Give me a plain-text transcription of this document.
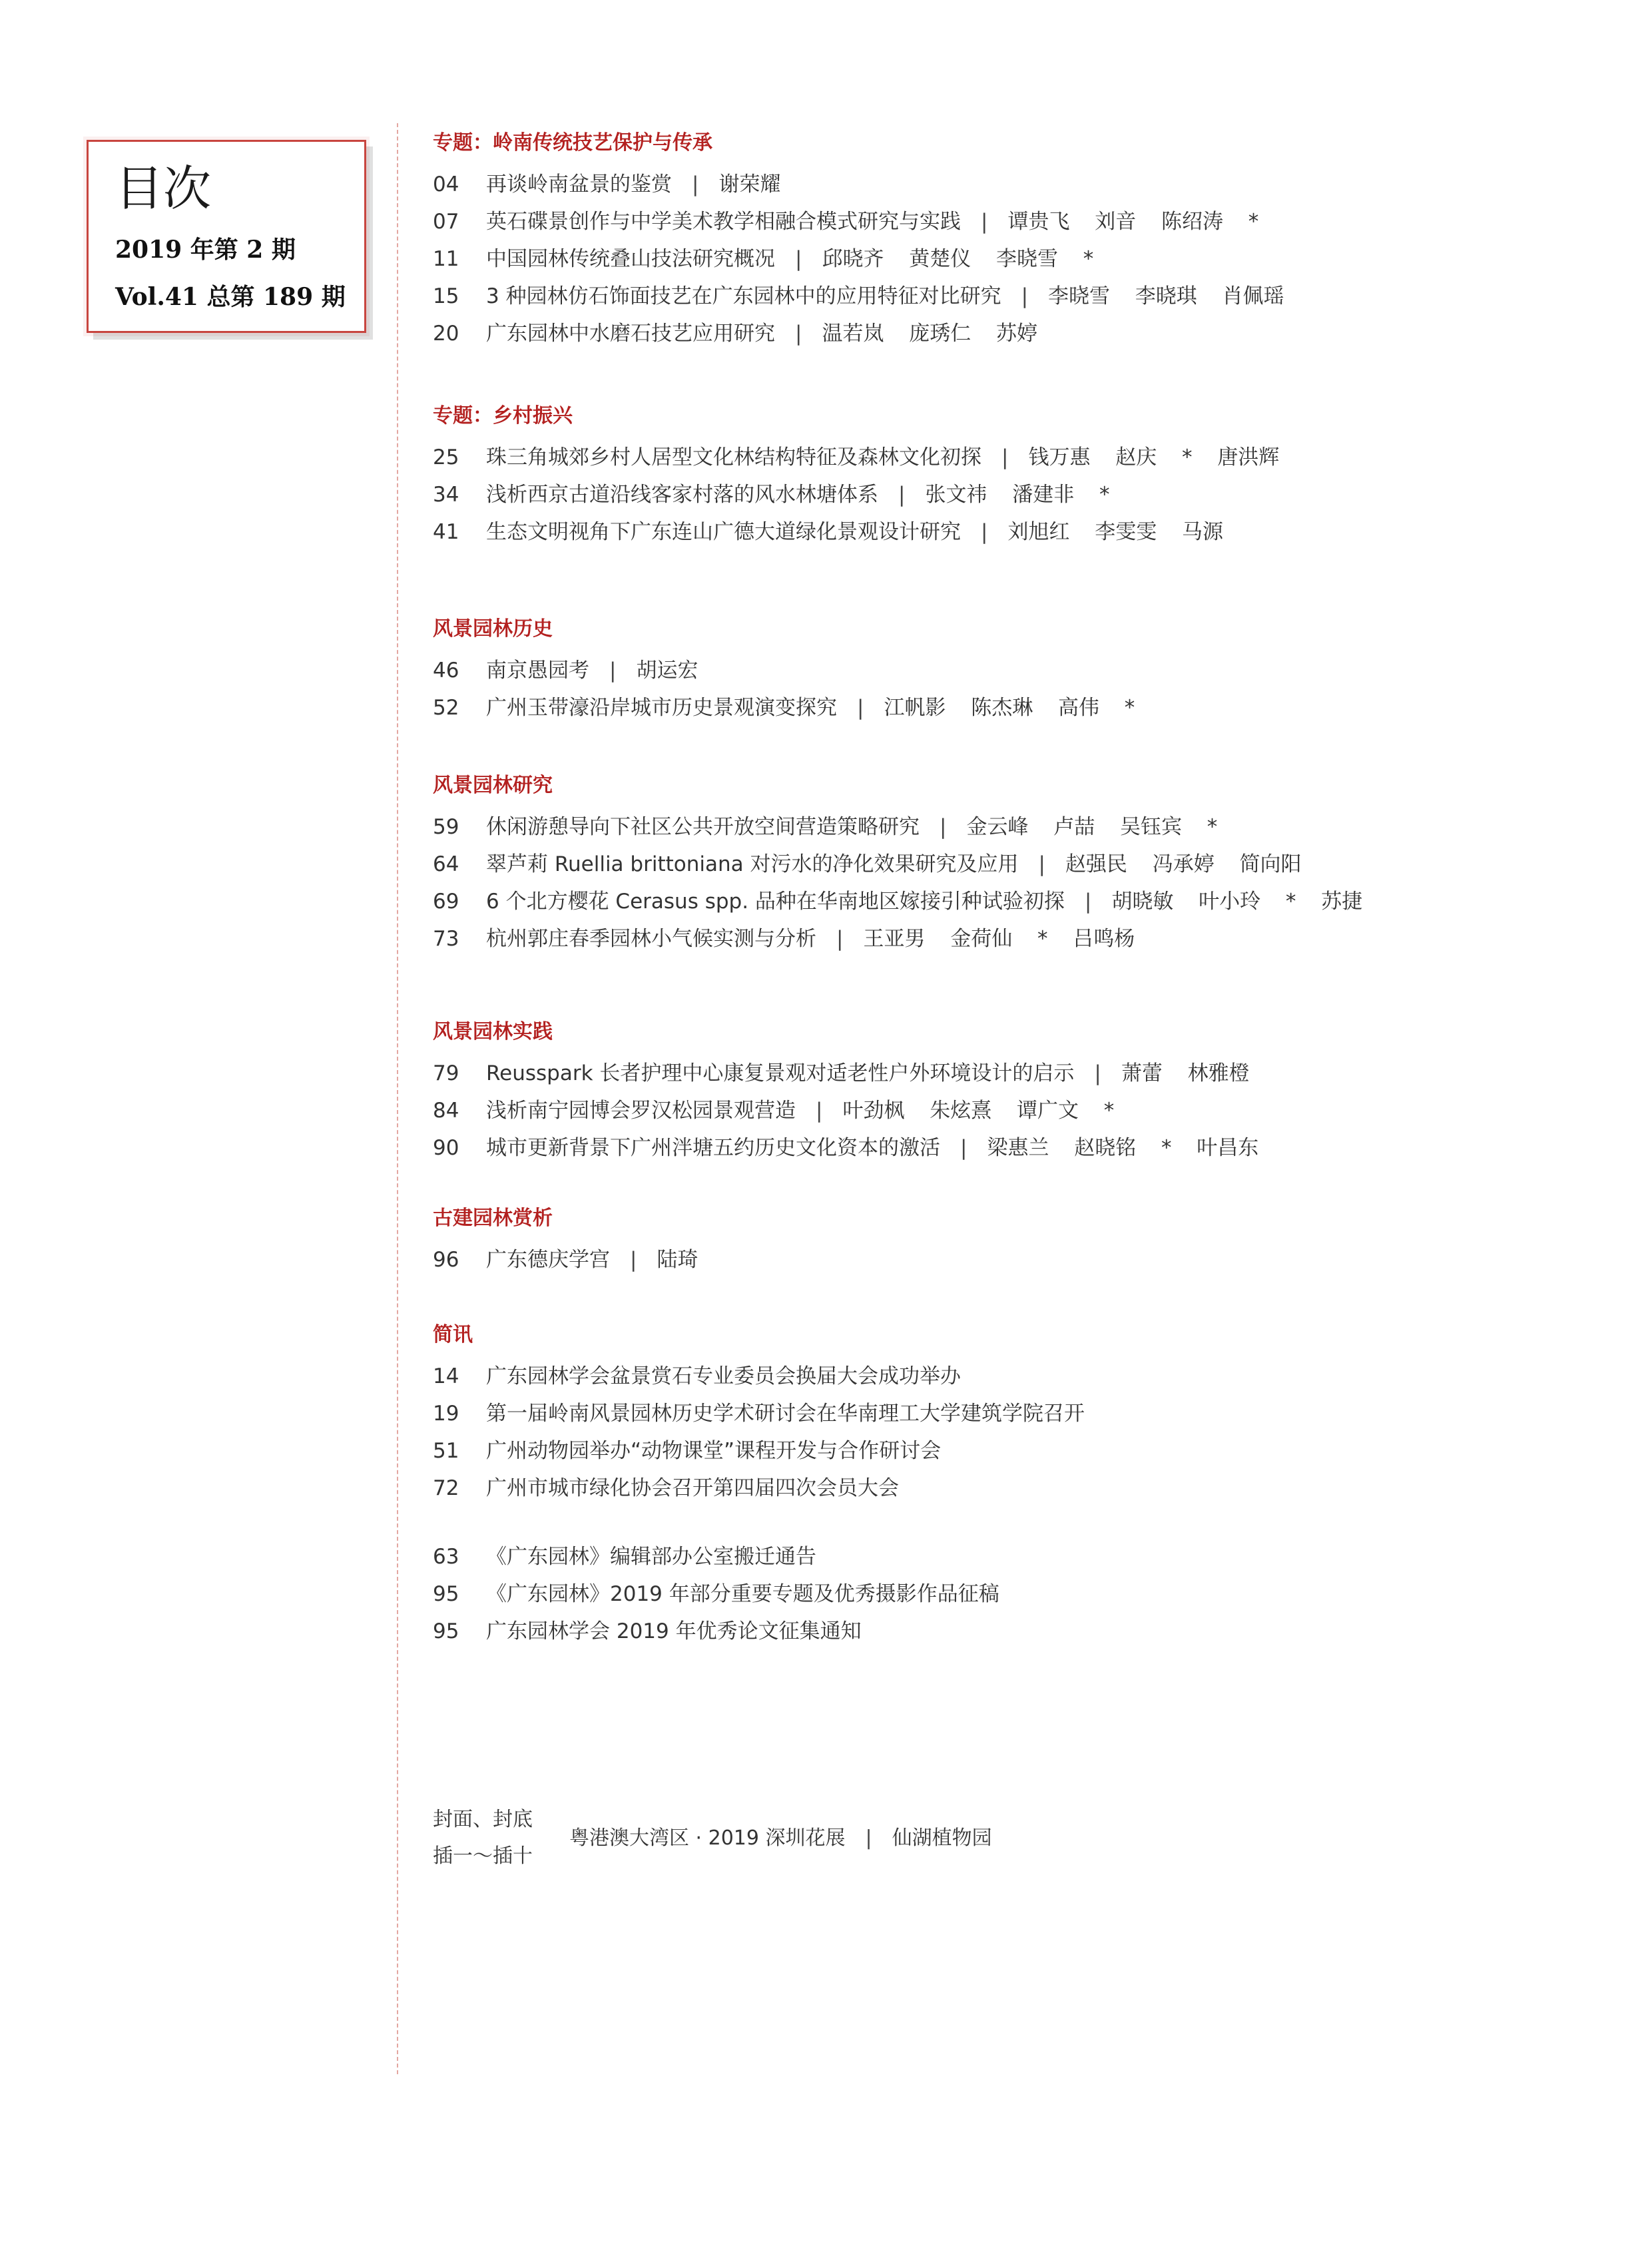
目次
2019 年第 2 期
Vol.41 总第 189 期
专题：岭南传统技艺保护与传承
04 再谈岭南盆景的鉴赏 | 谢荣耀
07 英石碟景创作与中学美术教学相融合模式研究与实践 | 谭贵飞 刘音 陈绍涛 *
11 中国园林传统叠山技法研究概况 | 邱晓齐 黄楚仪 李晓雪 *
15 3 种园林仿石饰面技艺在广东园林中的应用特征对比研究 | 李晓雪 李晓琪 肖佩瑶
20 广东园林中水磨石技艺应用研究 | 温若岚 庞琇仁 苏婷
专题：乡村振兴
25 珠三角城郊乡村人居型文化林结构特征及森林文化初探 | 钱万惠 赵庆 * 唐洪辉
34 浅析西京古道沿线客家村落的风水林塘体系 | 张文祎 潘建非 *
41 生态文明视角下广东连山广德大道绿化景观设计研究 | 刘旭红 李雯雯 马源
风景园林历史
46 南京愚园考 | 胡运宏
52 广州玉带濠沿岸城市历史景观演变探究 | 江帆影 陈杰琳 高伟 *
风景园林研究
59 休闲游憩导向下社区公共开放空间营造策略研究 | 金云峰 卢喆 吴钰宾 *
64 翠芦莉 Ruellia brittoniana 对污水的净化效果研究及应用 | 赵强民 冯承婷 简向阳
69 6 个北方樱花 Cerasus spp. 品种在华南地区嫁接引种试验初探 | 胡晓敏 叶小玲 * 苏捷
73 杭州郭庄春季园林小气候实测与分析 | 王亚男 金荷仙 * 吕鸣杨
风景园林实践
79 Reusspark 长者护理中心康复景观对适老性户外环境设计的启示 | 萧蕾 林雅橙
84 浅析南宁园博会罗汉松园景观营造 | 叶劲枫 朱炫熹 谭广文 *
90 城市更新背景下广州泮塘五约历史文化资本的激活 | 梁惠兰 赵晓铭 * 叶昌东
古建园林赏析
96 广东德庆学宫 | 陆琦
简讯
14 广东园林学会盆景赏石专业委员会换届大会成功举办
19 第一届岭南风景园林历史学术研讨会在华南理工大学建筑学院召开
51 广州动物园举办“动物课堂”课程开发与合作研讨会
72 广州市城市绿化协会召开第四届四次会员大会
63 《广东园林》编辑部办公室搬迁通告
95 《广东园林》2019 年部分重要专题及优秀摄影作品征稿
95 广东园林学会 2019 年优秀论文征集通知
封面、封底
插一～插十
粤港澳大湾区 · 2019 深圳花展 | 仙湖植物园
